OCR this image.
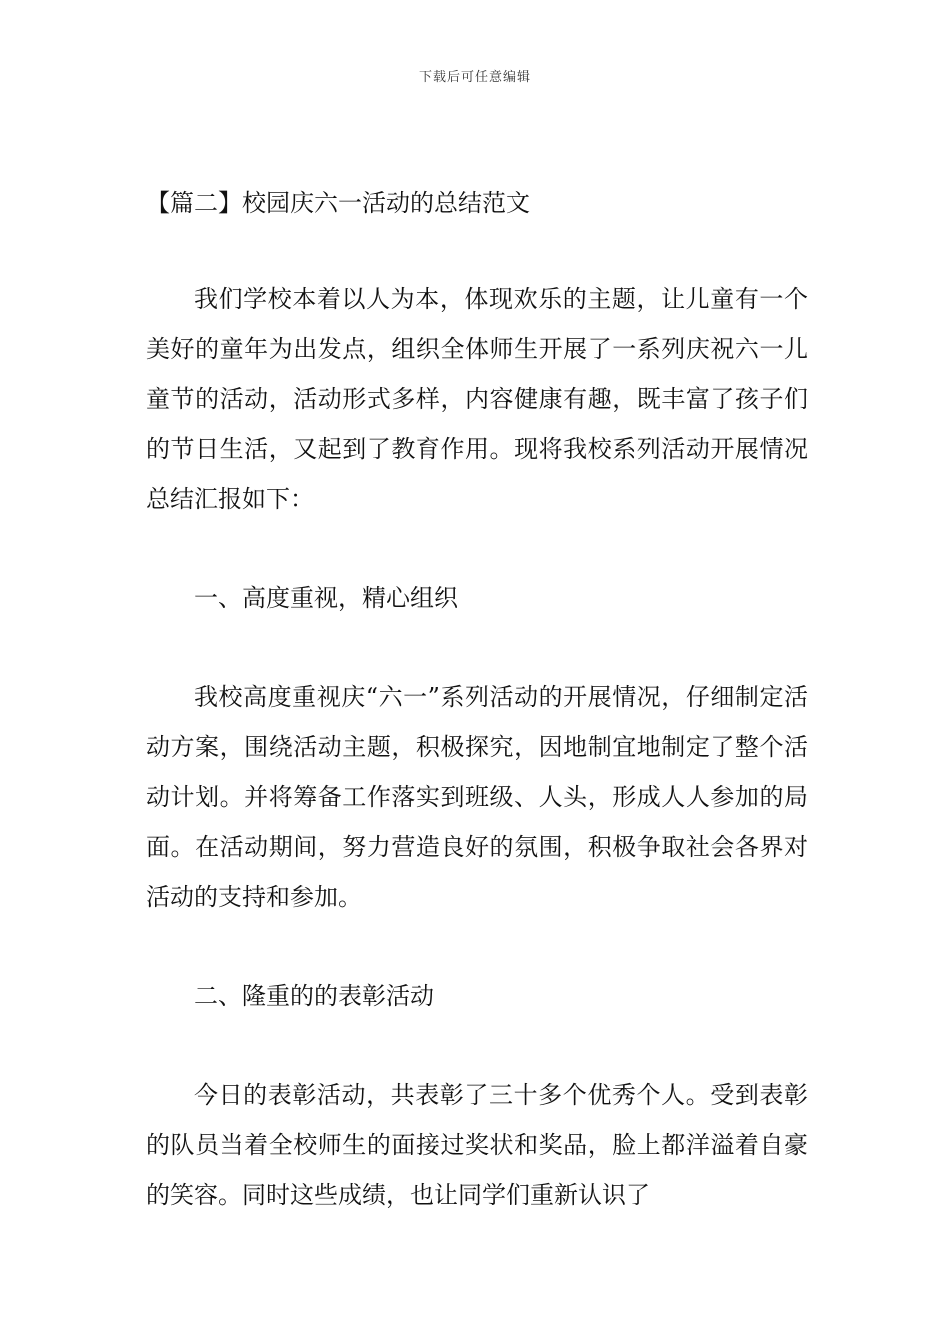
下载后可任意编辑
【篇二】校园庆六一活动的总结范文

我们学校本着以人为本，体现欢乐的主题，让儿童有一个美好的童年为出发点，组织全体师生开展了一系列庆祝六一儿童节的活动，活动形式多样，内容健康有趣，既丰富了孩子们的节日生活，又起到了教育作用。现将我校系列活动开展情况总结汇报如下：

一、高度重视，精心组织

我校高度重视庆“六一”系列活动的开展情况，仔细制定活动方案，围绕活动主题，积极探究，因地制宜地制定了整个活动计划。并将筹备工作落实到班级、人头，形成人人参加的局面。在活动期间，努力营造良好的氛围，积极争取社会各界对活动的支持和参加。

二、隆重的的表彰活动

今日的表彰活动，共表彰了三十多个优秀个人。受到表彰的队员当着全校师生的面接过奖状和奖品，脸上都洋溢着自豪的笑容。同时这些成绩，也让同学们重新认识了
